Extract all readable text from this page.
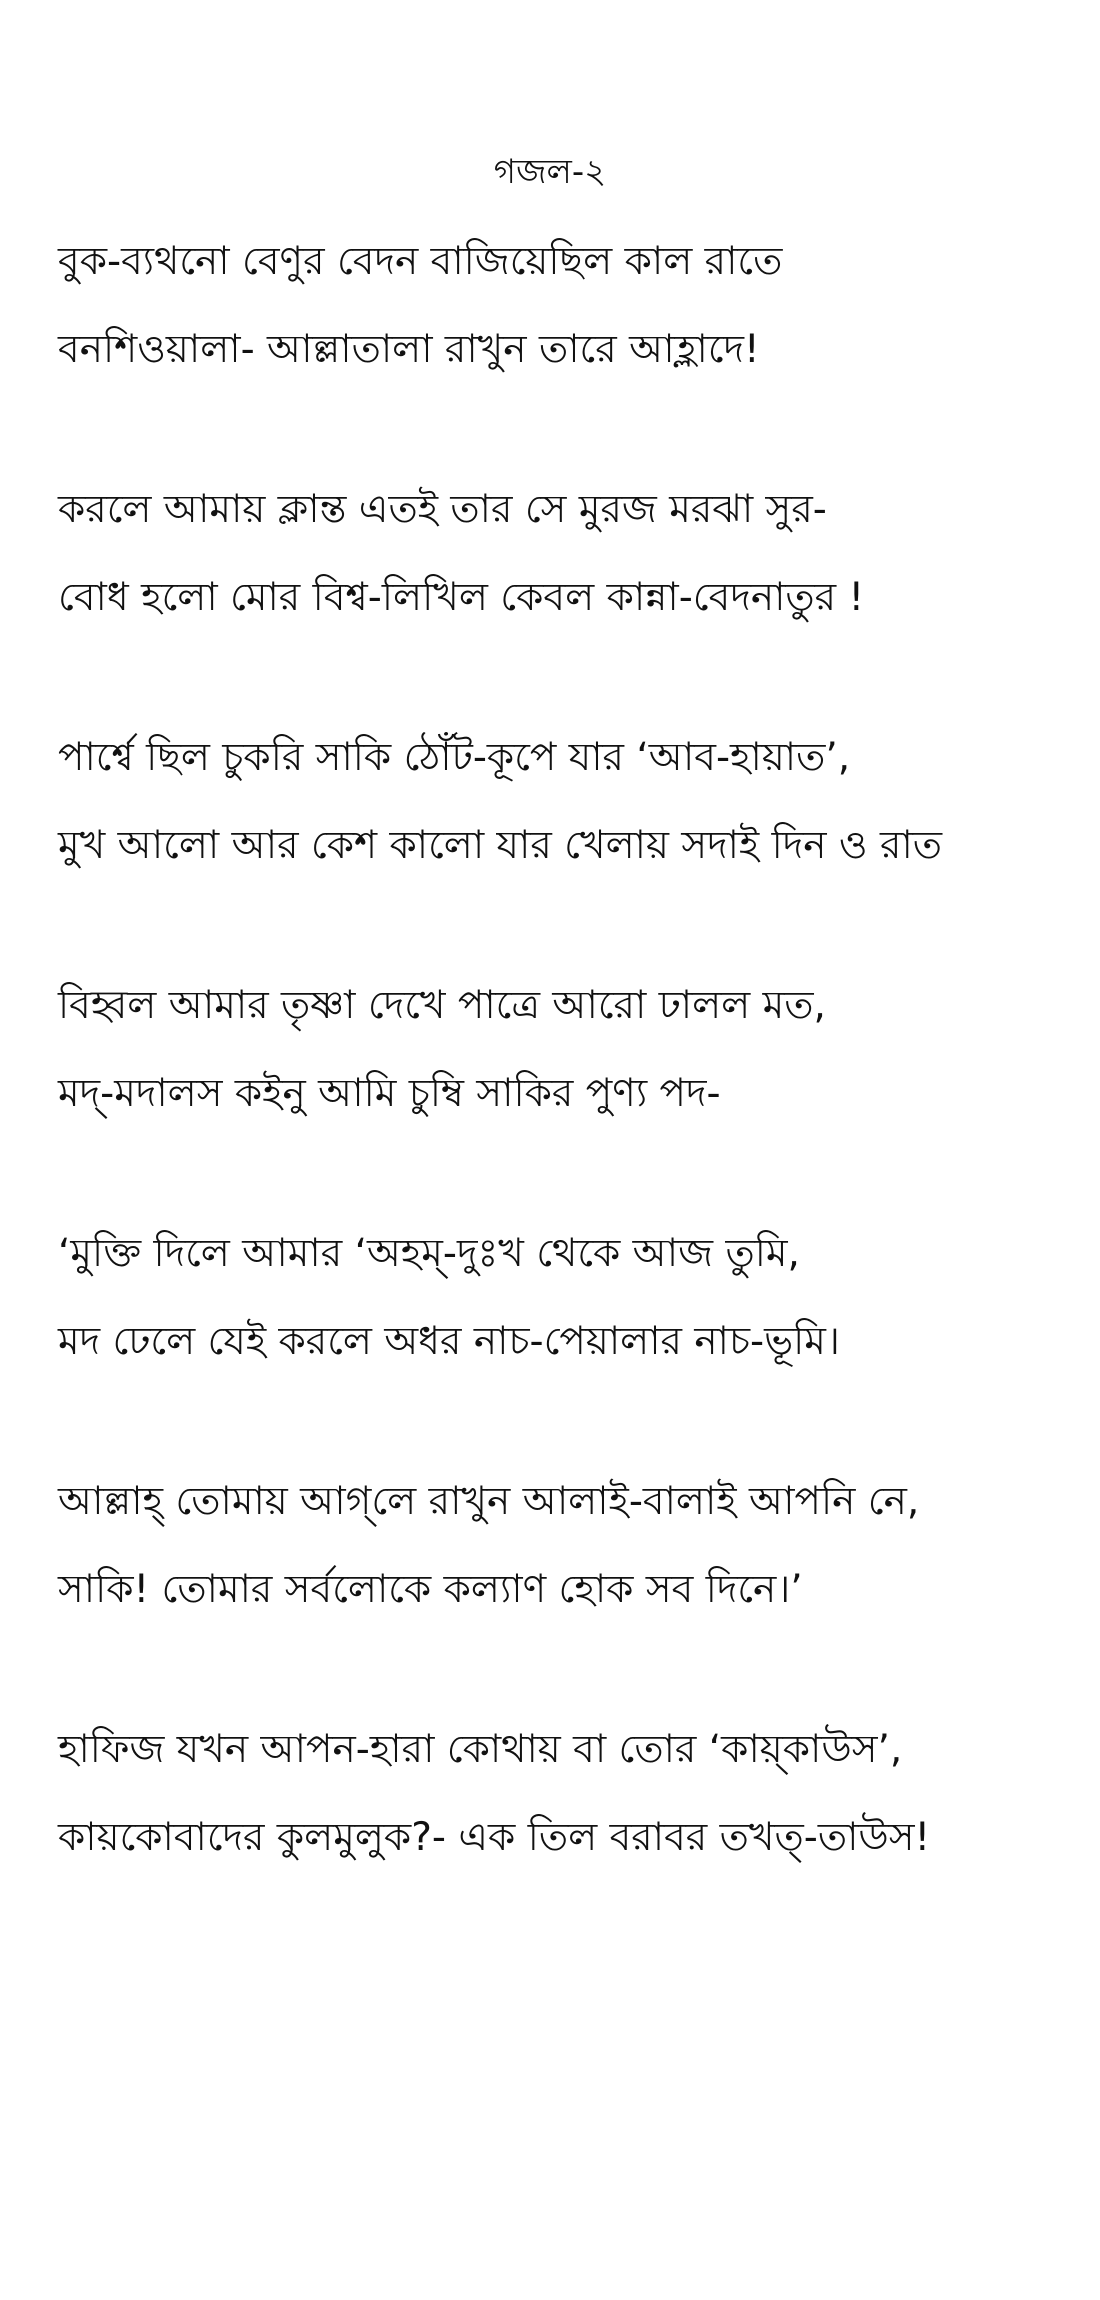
গজল-২
বুক-ব্যথনো বেণুর বেদন বাজিয়েছিল কাল রাতে
বনশিওয়ালা- আল্লাতালা রাখুন তারে আহ্লাদে!
করলে আমায় ক্লান্ত এতই তার সে মুরজ মরঝা সুর-
বোধ হলো মোর বিশ্ব-লিখিল কেবল কান্না-বেদনাতুর !
পার্শ্বে ছিল চুকরি সাকি ঠোঁট-কূপে যার ‘আব-হায়াত’,
মুখ আলো আর কেশ কালো যার খেলায় সদাই দিন ও রাত
বিহ্বল আমার তৃষ্ণা দেখে পাত্রে আরো ঢালল মত,
মদ্-মদালস কইনু আমি চুম্বি সাকির পুণ্য পদ-
‘মুক্তি দিলে আমার ‘অহম্-দুঃখ থেকে আজ তুমি,
মদ ঢেলে যেই করলে অধর নাচ-পেয়ালার নাচ-ভূমি।
আল্লাহ্ তোমায় আগ্‌লে রাখুন আলাই-বালাই আপনি নে,
সাকি! তোমার সর্বলোকে কল্যাণ হোক সব দিনে।’
হাফিজ যখন আপন-হারা কোথায় বা তোর ‘কায়্‌কাউস’,
কায়কোবাদের কুলমুলুক?- এক তিল বরাবর তখত্-তাউস!
